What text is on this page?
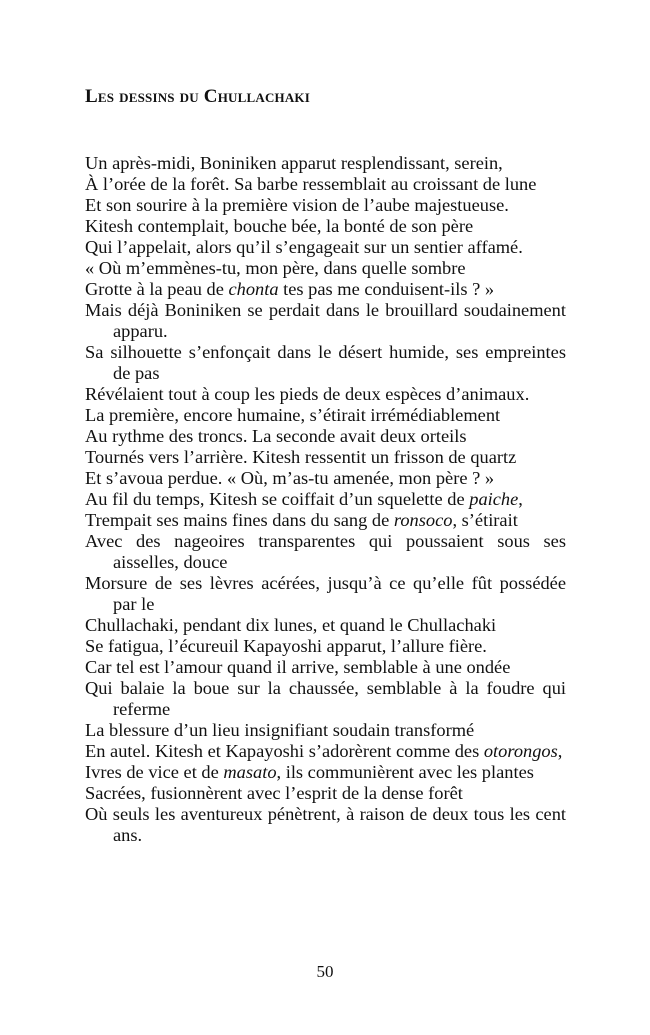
Les dessins du Chullachaki

Un après-midi, Boniniken apparut resplendissant, serein,

À l’orée de la forêt. Sa barbe ressemblait au croissant de lune

Et son sourire à la première vision de l’aube majestueuse.

Kitesh contemplait, bouche bée, la bonté de son père

Qui l’appelait, alors qu’il s’engageait sur un sentier affamé.

« Où m’emmènes-tu, mon père, dans quelle sombre

Grotte à la peau de chonta tes pas me conduisent-ils ? »

Mais déjà Boniniken se perdait dans le brouillard soudainement apparu.

Sa silhouette s’enfonçait dans le désert humide, ses empreintes de pas

Révélaient tout à coup les pieds de deux espèces d’animaux.

La première, encore humaine, s’étirait irrémédiablement

Au rythme des troncs. La seconde avait deux orteils

Tournés vers l’arrière. Kitesh ressentit un frisson de quartz

Et s’avoua perdue. « Où, m’as-tu amenée, mon père ? »

Au fil du temps, Kitesh se coiffait d’un squelette de paiche,

Trempait ses mains fines dans du sang de ronsoco, s’étirait

Avec des nageoires transparentes qui poussaient sous ses aisselles, douce

Morsure de ses lèvres acérées, jusqu’à ce qu’elle fût possédée par le

Chullachaki, pendant dix lunes, et quand le Chullachaki

Se fatigua, l’écureuil Kapayoshi apparut, l’allure fière.

Car tel est l’amour quand il arrive, semblable à une ondée

Qui balaie la boue sur la chaussée, semblable à la foudre qui referme

La blessure d’un lieu insignifiant soudain transformé

En autel. Kitesh et Kapayoshi s’adorèrent comme des otorongos,

Ivres de vice et de masato, ils communièrent avec les plantes

Sacrées, fusionnèrent avec l’esprit de la dense forêt

Où seuls les aventureux pénètrent, à raison de deux tous les cent ans.

50
